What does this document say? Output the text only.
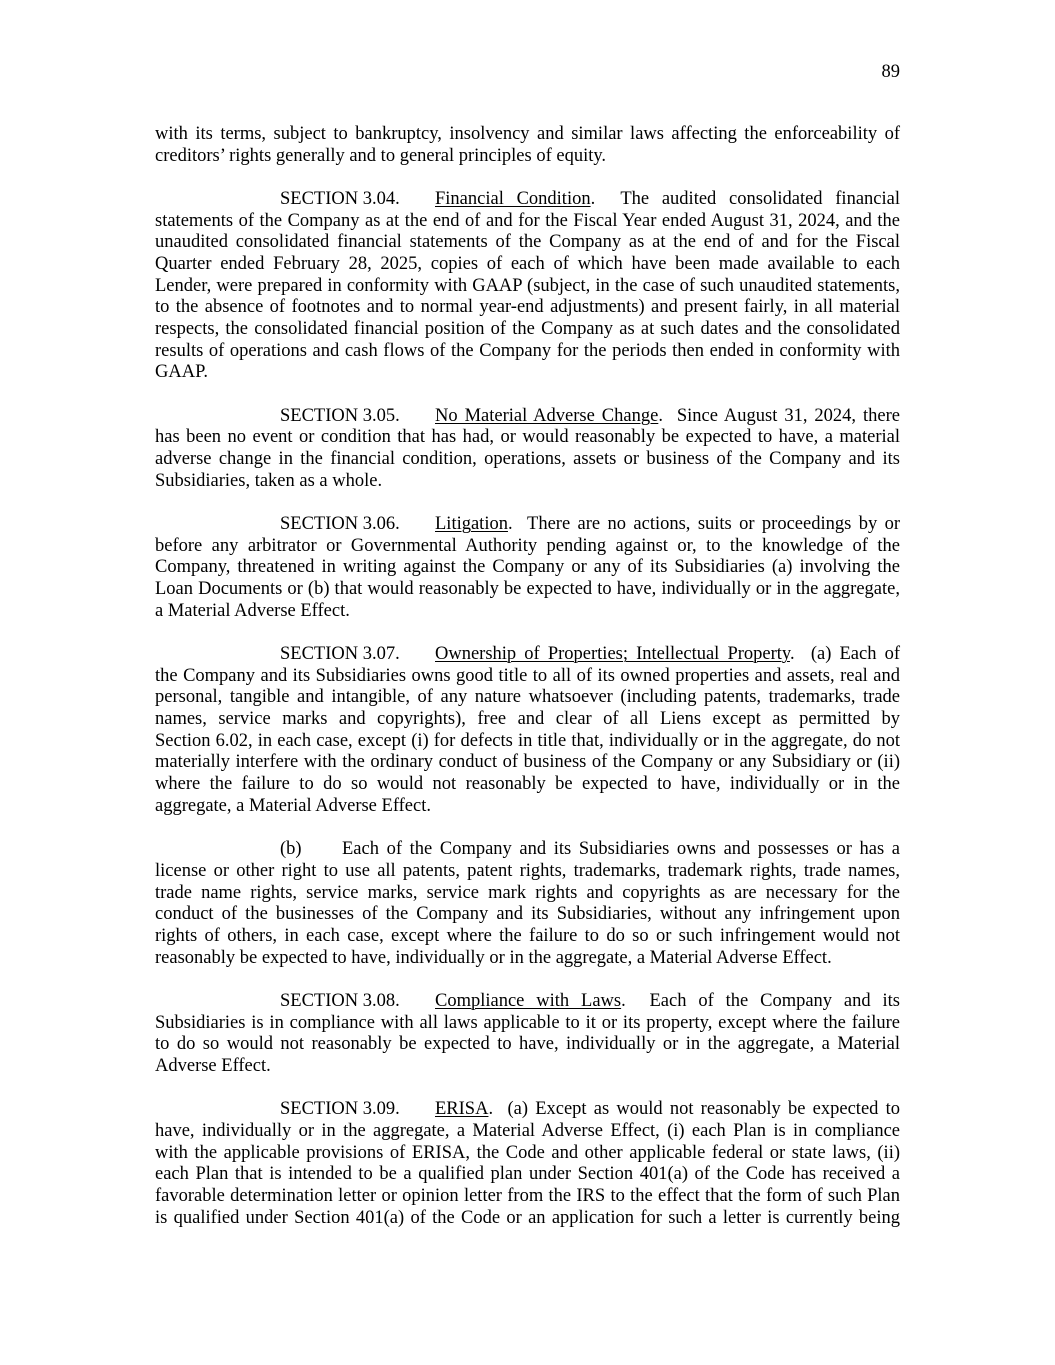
89
with its terms, subject to bankruptcy, insolvency and similar laws affecting the enforceability of
creditors’ rights generally and to general principles of equity.
SECTION 3.04. Financial Condition.  The audited consolidated financial
statements of the Company as at the end of and for the Fiscal Year ended August 31, 2024, and the
unaudited consolidated financial statements of the Company as at the end of and for the Fiscal
Quarter ended February 28, 2025, copies of each of which have been made available to each
Lender, were prepared in conformity with GAAP (subject, in the case of such unaudited statements,
to the absence of footnotes and to normal year-end adjustments) and present fairly, in all material
respects, the consolidated financial position of the Company as at such dates and the consolidated
results of operations and cash flows of the Company for the periods then ended in conformity with
GAAP.
SECTION 3.05. No Material Adverse Change.  Since August 31, 2024, there
has been no event or condition that has had, or would reasonably be expected to have, a material
adverse change in the financial condition, operations, assets or business of the Company and its
Subsidiaries, taken as a whole.
SECTION 3.06. Litigation.  There are no actions, suits or proceedings by or
before any arbitrator or Governmental Authority pending against or, to the knowledge of the
Company, threatened in writing against the Company or any of its Subsidiaries (a) involving the
Loan Documents or (b) that would reasonably be expected to have, individually or in the aggregate,
a Material Adverse Effect.
SECTION 3.07. Ownership of Properties; Intellectual Property.  (a) Each of
the Company and its Subsidiaries owns good title to all of its owned properties and assets, real and
personal, tangible and intangible, of any nature whatsoever (including patents, trademarks, trade
names, service marks and copyrights), free and clear of all Liens except as permitted by
Section 6.02, in each case, except (i) for defects in title that, individually or in the aggregate, do not
materially interfere with the ordinary conduct of business of the Company or any Subsidiary or (ii)
where the failure to do so would not reasonably be expected to have, individually or in the
aggregate, a Material Adverse Effect.
(b) Each of the Company and its Subsidiaries owns and possesses or has a
license or other right to use all patents, patent rights, trademarks, trademark rights, trade names,
trade name rights, service marks, service mark rights and copyrights as are necessary for the
conduct of the businesses of the Company and its Subsidiaries, without any infringement upon
rights of others, in each case, except where the failure to do so or such infringement would not
reasonably be expected to have, individually or in the aggregate, a Material Adverse Effect.
SECTION 3.08. Compliance with Laws.  Each of the Company and its
Subsidiaries is in compliance with all laws applicable to it or its property, except where the failure
to do so would not reasonably be expected to have, individually or in the aggregate, a Material
Adverse Effect.
SECTION 3.09. ERISA.  (a) Except as would not reasonably be expected to
have, individually or in the aggregate, a Material Adverse Effect, (i) each Plan is in compliance
with the applicable provisions of ERISA, the Code and other applicable federal or state laws, (ii)
each Plan that is intended to be a qualified plan under Section 401(a) of the Code has received a
favorable determination letter or opinion letter from the IRS to the effect that the form of such Plan
is qualified under Section 401(a) of the Code or an application for such a letter is currently being
